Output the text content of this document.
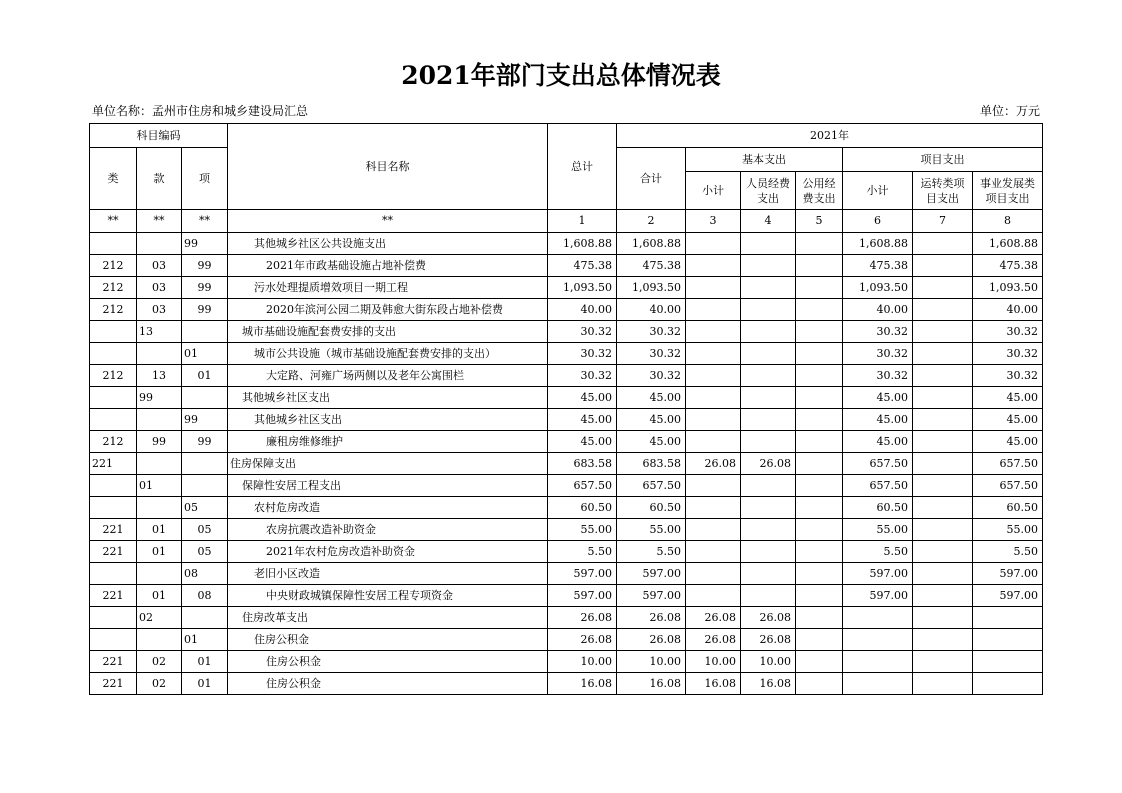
2021年部门支出总体情况表
单位名称：孟州市住房和城乡建设局汇总	单位：万元
科目编码			科目名称	总计	2021年						
类	款	项			合计	基本支出			项目支出		
						小计	人员经费支出	公用经费支出	小计	运转类项目支出	事业发展类项目支出
**	**	**	**	1	2	3	4	5	6	7	8
		99	其他城乡社区公共设施支出	1,608.88	1,608.88				1,608.88		1,608.88
212	03	99	2021年市政基础设施占地补偿费	475.38	475.38				475.38		475.38
212	03	99	污水处理提质增效项目一期工程	1,093.50	1,093.50				1,093.50		1,093.50
212	03	99	2020年滨河公园二期及韩愈大街东段占地补偿费	40.00	40.00				40.00		40.00
	13		城市基础设施配套费安排的支出	30.32	30.32				30.32		30.32
		01	城市公共设施（城市基础设施配套费安排的支出）	30.32	30.32				30.32		30.32
212	13	01	大定路、河雍广场两侧以及老年公寓围栏	30.32	30.32				30.32		30.32
	99		其他城乡社区支出	45.00	45.00				45.00		45.00
		99	其他城乡社区支出	45.00	45.00				45.00		45.00
212	99	99	廉租房维修维护	45.00	45.00				45.00		45.00
221			住房保障支出	683.58	683.58	26.08	26.08		657.50		657.50
	01		保障性安居工程支出	657.50	657.50				657.50		657.50
		05	农村危房改造	60.50	60.50				60.50		60.50
221	01	05	农房抗震改造补助资金	55.00	55.00				55.00		55.00
221	01	05	2021年农村危房改造补助资金	5.50	5.50				5.50		5.50
		08	老旧小区改造	597.00	597.00				597.00		597.00
221	01	08	中央财政城镇保障性安居工程专项资金	597.00	597.00				597.00		597.00
	02		住房改革支出	26.08	26.08	26.08	26.08				
		01	住房公积金	26.08	26.08	26.08	26.08				
221	02	01	住房公积金	10.00	10.00	10.00	10.00				
221	02	01	住房公积金	16.08	16.08	16.08	16.08				
